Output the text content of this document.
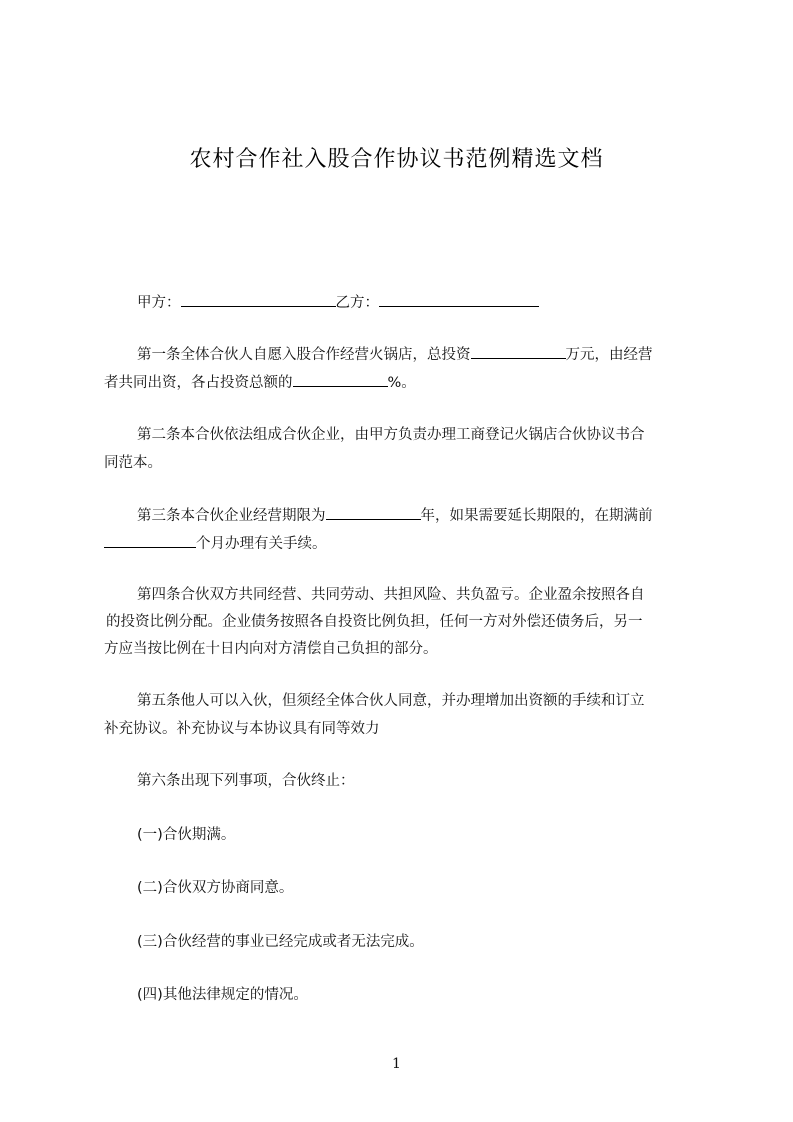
农村合作社入股合作协议书范例精选文档
甲方：	乙方：
第一条全体合伙人自愿入股合作经营火锅店，总投资	万元，由经营
者共同出资，各占投资总额的	%。
第二条本合伙依法组成合伙企业，由甲方负责办理工商登记火锅店合伙协议书合
同范本。
第三条本合伙企业经营期限为	年，如果需要延长期限的，在期满前
个月办理有关手续。
第四条合伙双方共同经营、共同劳动、共担风险、共负盈亏。企业盈余按照各自
的投资比例分配。企业债务按照各自投资比例负担，任何一方对外偿还债务后，另一
方应当按比例在十日内向对方清偿自己负担的部分。
第五条他人可以入伙，但须经全体合伙人同意，并办理增加出资额的手续和订立
补充协议。补充协议与本协议具有同等效力
第六条出现下列事项，合伙终止：
(一)合伙期满。
(二)合伙双方协商同意。
(三)合伙经营的事业已经完成或者无法完成。
(四)其他法律规定的情况。
1
